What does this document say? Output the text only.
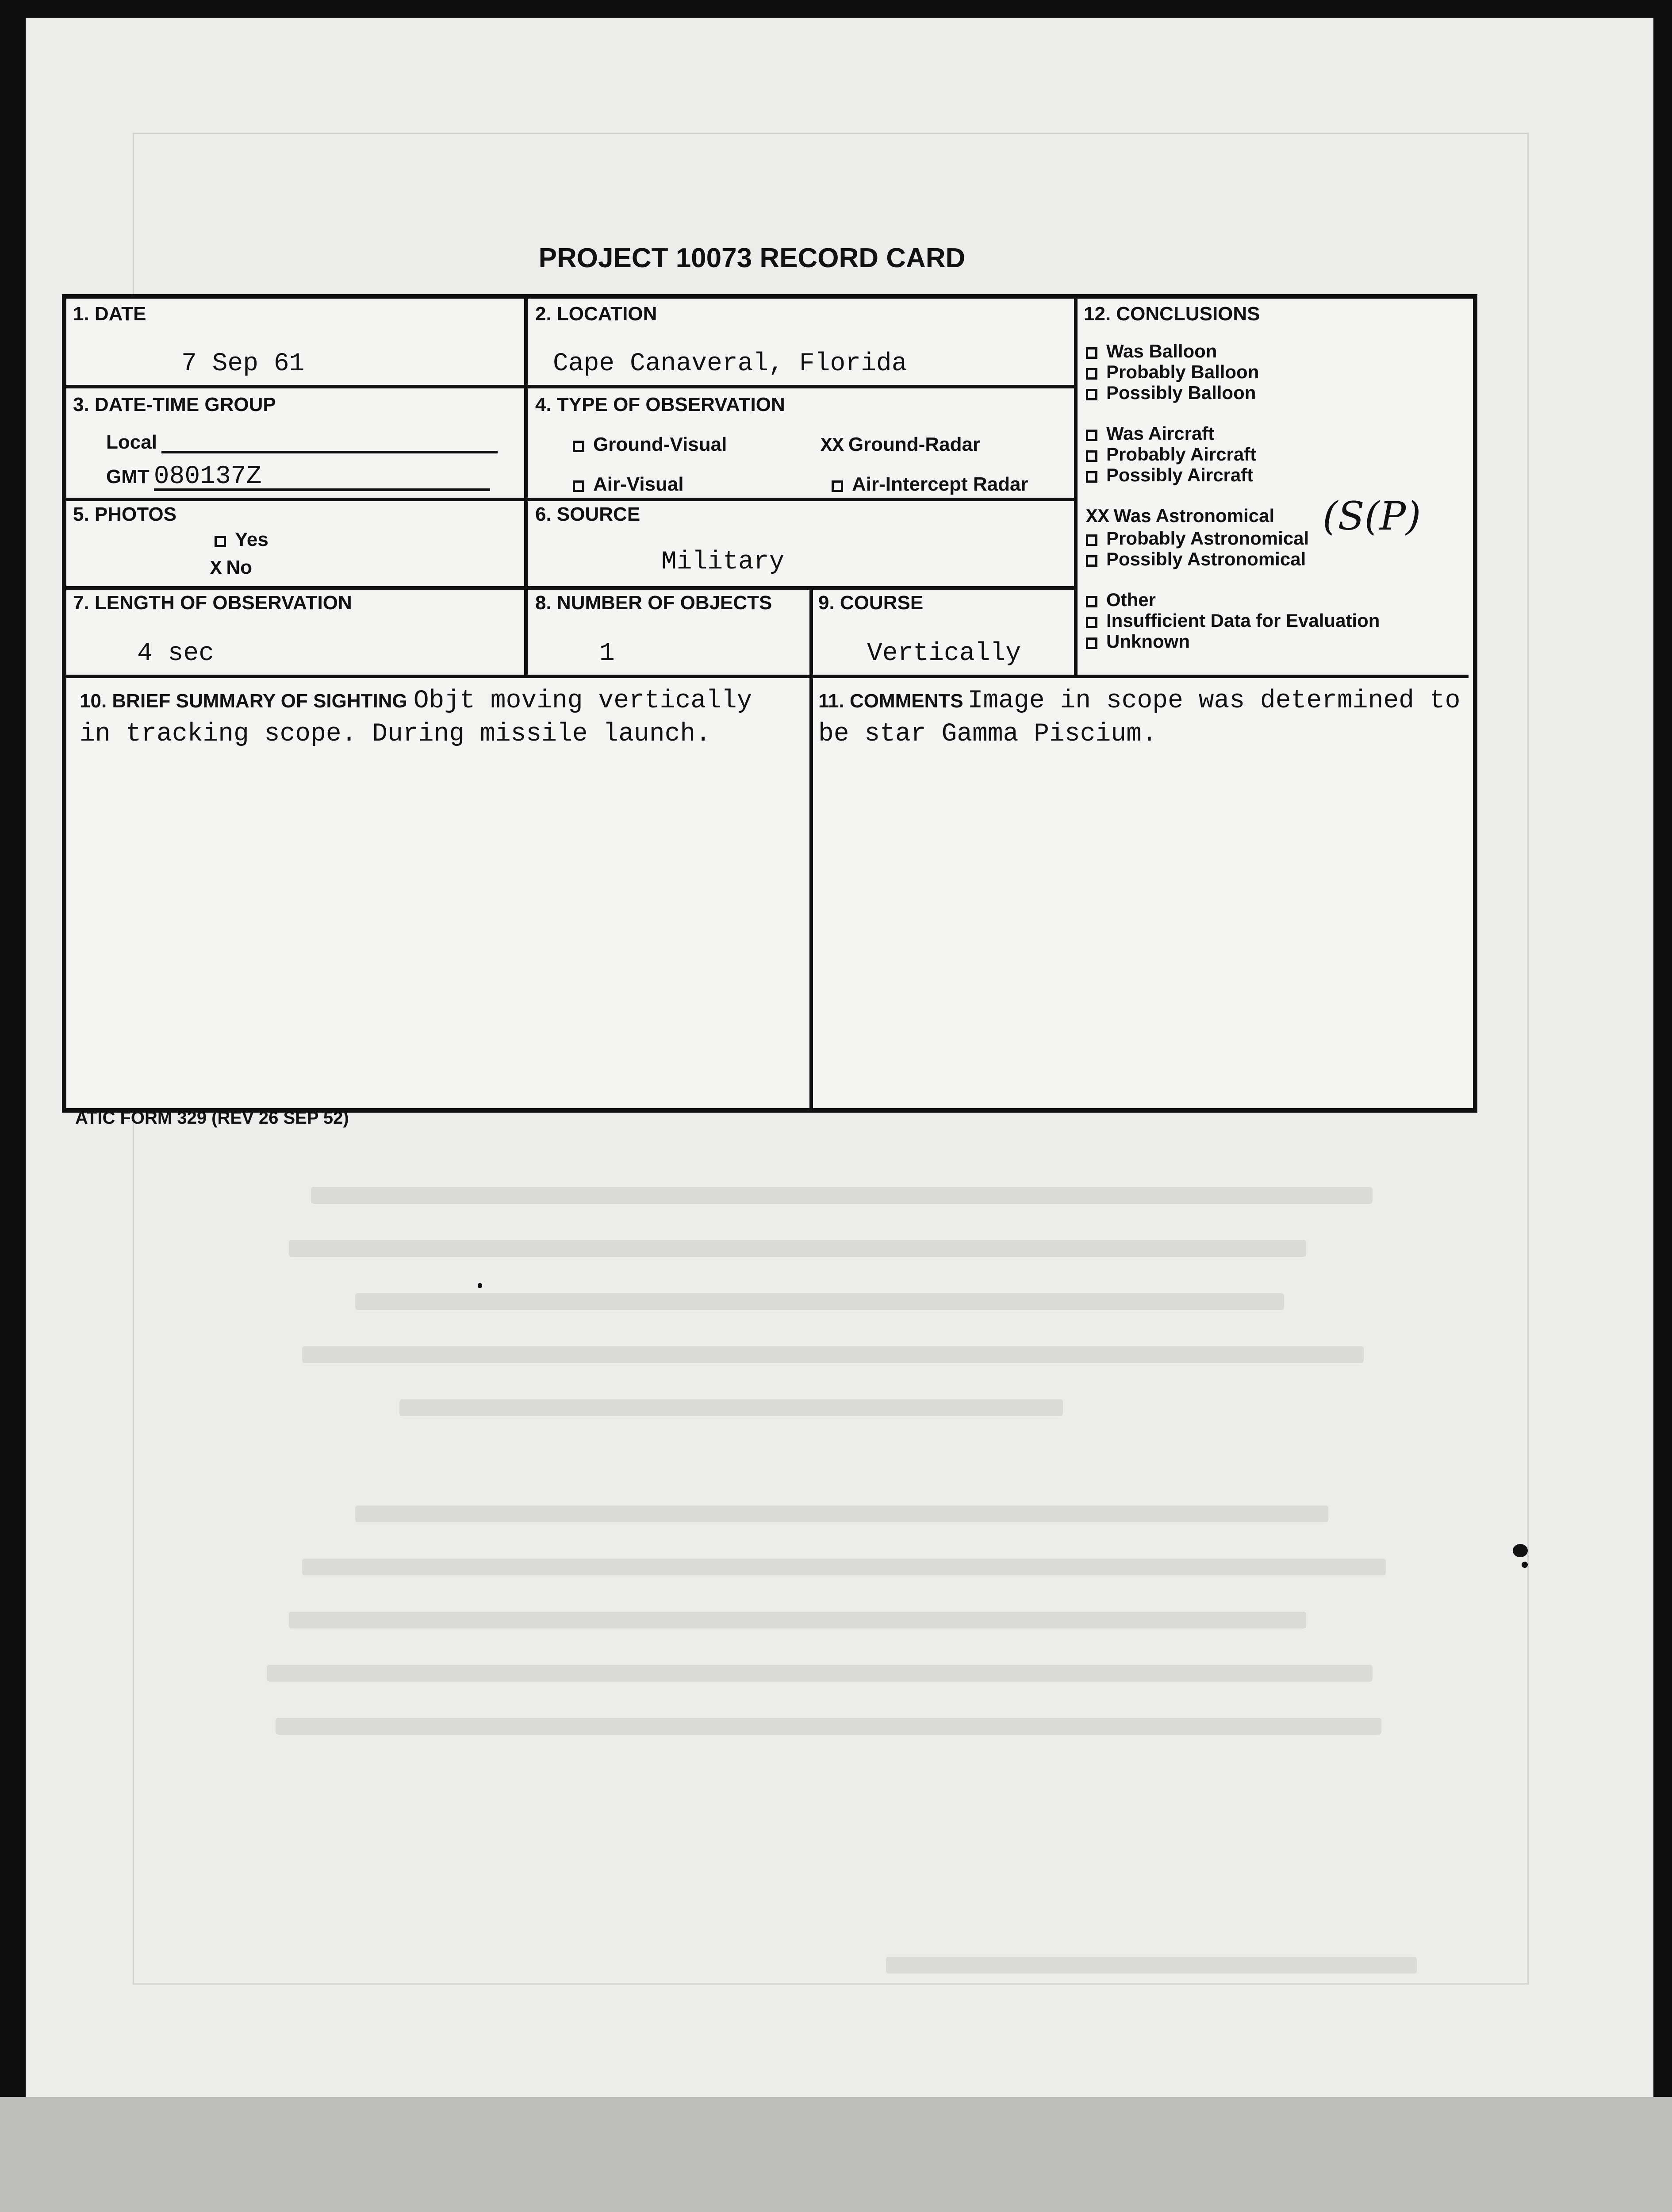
PROJECT 10073 RECORD CARD
1. DATE
7 Sep 61
2. LOCATION
Cape Canaveral, Florida
3. DATE-TIME GROUP
Local
GMT 080137Z
4. TYPE OF OBSERVATION
Ground-Visual	XX Ground-Radar
Air-Visual	Air-Intercept Radar
5. PHOTOS
Yes
X No
6. SOURCE
Military
7. LENGTH OF OBSERVATION
4 sec
8. NUMBER OF OBJECTS
1
9. COURSE
Vertically
10. BRIEF SUMMARY OF SIGHTING Objt moving vertically in tracking scope. During missile launch.
11. COMMENTS Image in scope was determined to be star Gamma Piscium.
12. CONCLUSIONS
Was Balloon
Probably Balloon
Possibly Balloon
Was Aircraft
Probably Aircraft
Possibly Aircraft
XX Was Astronomical
Probably Astronomical
Possibly Astronomical
Other
Insufficient Data for Evaluation
Unknown
(S(P)
ATIC FORM 329 (REV 26 SEP 52)
